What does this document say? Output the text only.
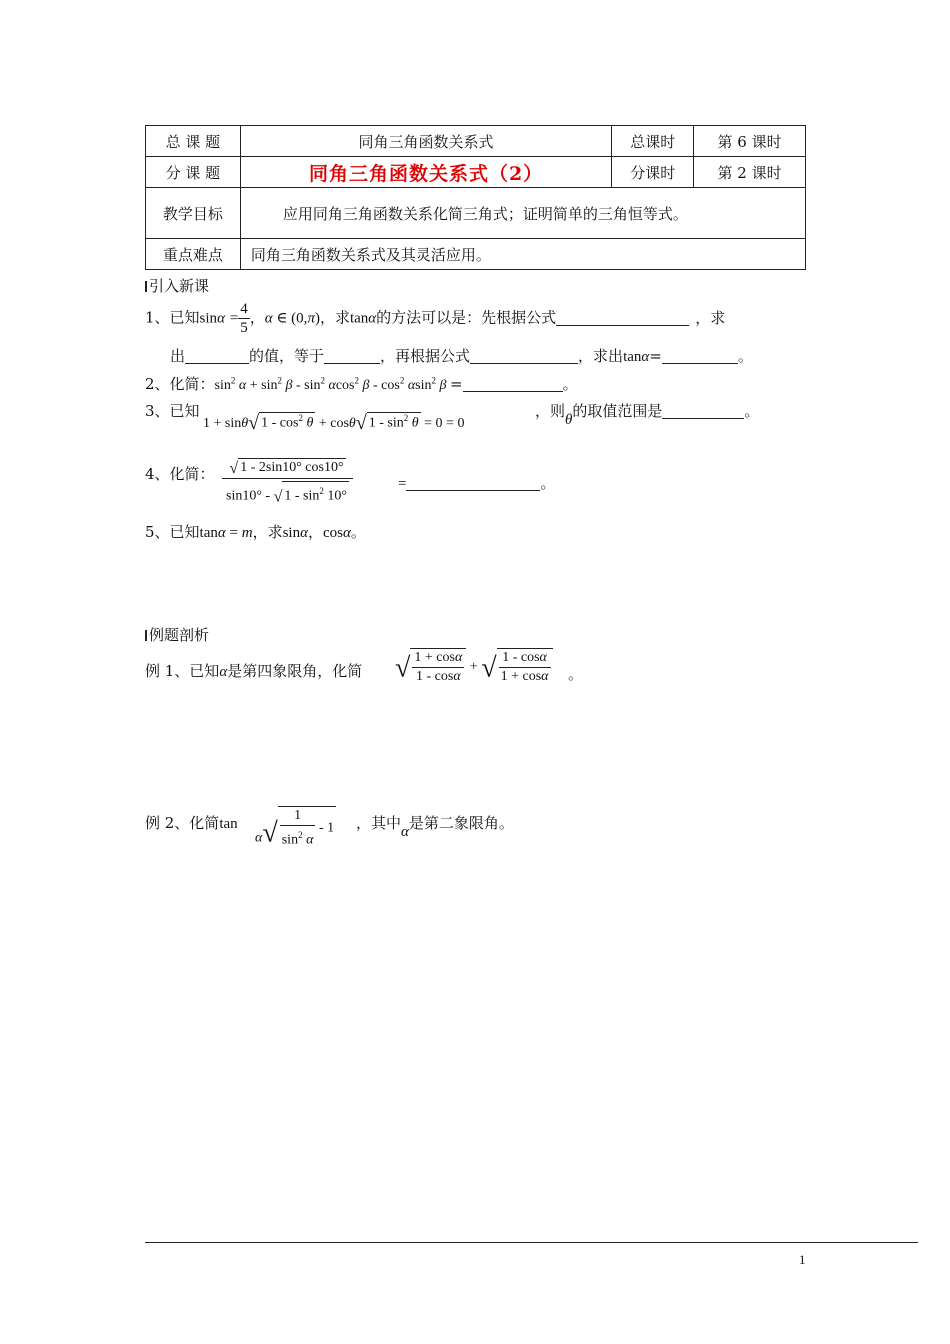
总 课 题	同角三角函数关系式	总课时	第 6 课时
分 课 题	同角三角函数关系式（2）	分课时	第 2 课时
教学目标	应用同角三角函数关系化简三角式；证明简单的三角恒等式。		
重点难点	同角三角函数关系式及其灵活应用。		
引入新课
1、已知$\sin\alpha = \frac{4}{5}$ ，α ∈ (0,π)，求tanα的方法可以是：先根据公式	，求
出	的值，等于	，再根据公式	，求出tanα=	。
2、化简：$\sin^2 \alpha + \sin^2 \beta - \sin^2 \alpha\cos^2$ β - $\cos^2 \alpha\sin^2$ β =	。
3、已知
1 + sinθ√ $1 - \cos^2 \theta + \cos\theta√$ $1 - \sin^2 \theta = 0 = 0$
，则θ的取值范围是	。
4、化简： $\frac{√ 1 - 2\sin 10^\circ \cos 10^\circ}{\sin 10^\circ - √ 1 - \sin^2 10^\circ}$	=	。
5、已知tanα = m，求sinα，cosα。
例题剖析
例 1、已知α是第四象限角，化简 √ $\frac{1 + \cos\alpha}{1 - \cos\alpha}$ + √ $\frac{1 - \cos\alpha}{1 + \cos\alpha}$ 。
例 2、化简tan
$\alpha√ \frac{1}{\sin^2 \alpha} - 1$ ，其中α是第二象限角。
1
